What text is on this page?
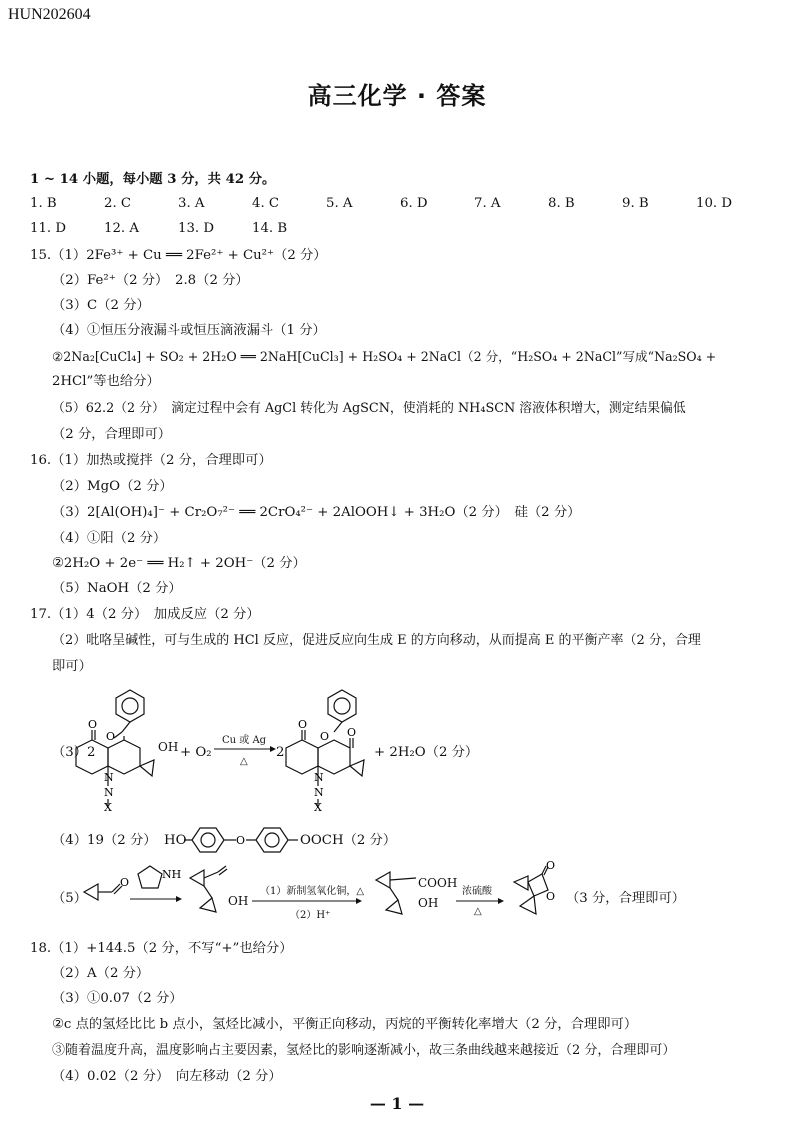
HUN202604
高三化学 · 答案
1 ~ 14 小题，每小题 3 分，共 42 分。
1. B	2. C	3. A	4. C	5. A	6. D	7. A	8. B	9. B	10. D
11. D	12. A	13. D	14. B
15.（1）2Fe³⁺ + Cu ══ 2Fe²⁺ + Cu²⁺（2 分）
（2）Fe²⁺（2 分）　2.8（2 分）
（3）C（2 分）
（4）①恒压分液漏斗或恒压滴液漏斗（1 分）
②2Na₂[CuCl₄] + SO₂ + 2H₂O ══ 2NaH[CuCl₃] + H₂SO₄ + 2NaCl（2 分，“H₂SO₄ + 2NaCl”写成“Na₂SO₄ +
2HCl”等也给分）
（5）62.2（2 分）　滴定过程中会有 AgCl 转化为 AgSCN，使消耗的 NH₄SCN 溶液体积增大，测定结果偏低
（2 分，合理即可）
16.（1）加热或搅拌（2 分，合理即可）
（2）MgO（2 分）
（3）2[Al(OH)₄]⁻ + Cr₂O₇²⁻ ══ 2CrO₄²⁻ + 2AlOOH↓ + 3H₂O（2 分）　硅（2 分）
（4）①阳（2 分）
②2H₂O + 2e⁻ ══ H₂↑ + 2OH⁻（2 分）
（5）NaOH（2 分）
17.（1）4（2 分）　加成反应（2 分）
（2）吡咯呈碱性，可与生成的 HCl 反应，促进反应向生成 E 的方向移动，从而提高 E 的平衡产率（2 分，合理
即可）
（3）2
O
O
N
N
X
OH + O₂
Cu 或 Ag
△
2
O
O O
N
N
X
+ 2H₂O（2 分）
（4）19（2 分） HO	O	OOCH（2 分）
（5）
O
NH
OH
（1）新制氢氧化铜，△
（2）H⁺
COOH
OH
浓硫酸
△
O
O （3 分，合理即可）
18.（1）+144.5（2 分，不写“+”也给分）
（2）A（2 分）
（3）①0.07（2 分）
②c 点的氢烃比比 b 点小，氢烃比减小，平衡正向移动，丙烷的平衡转化率增大（2 分，合理即可）
③随着温度升高，温度影响占主要因素，氢烃比的影响逐渐减小，故三条曲线越来越接近（2 分，合理即可）
（4）0.02（2 分）　向左移动（2 分）
— 1 —
